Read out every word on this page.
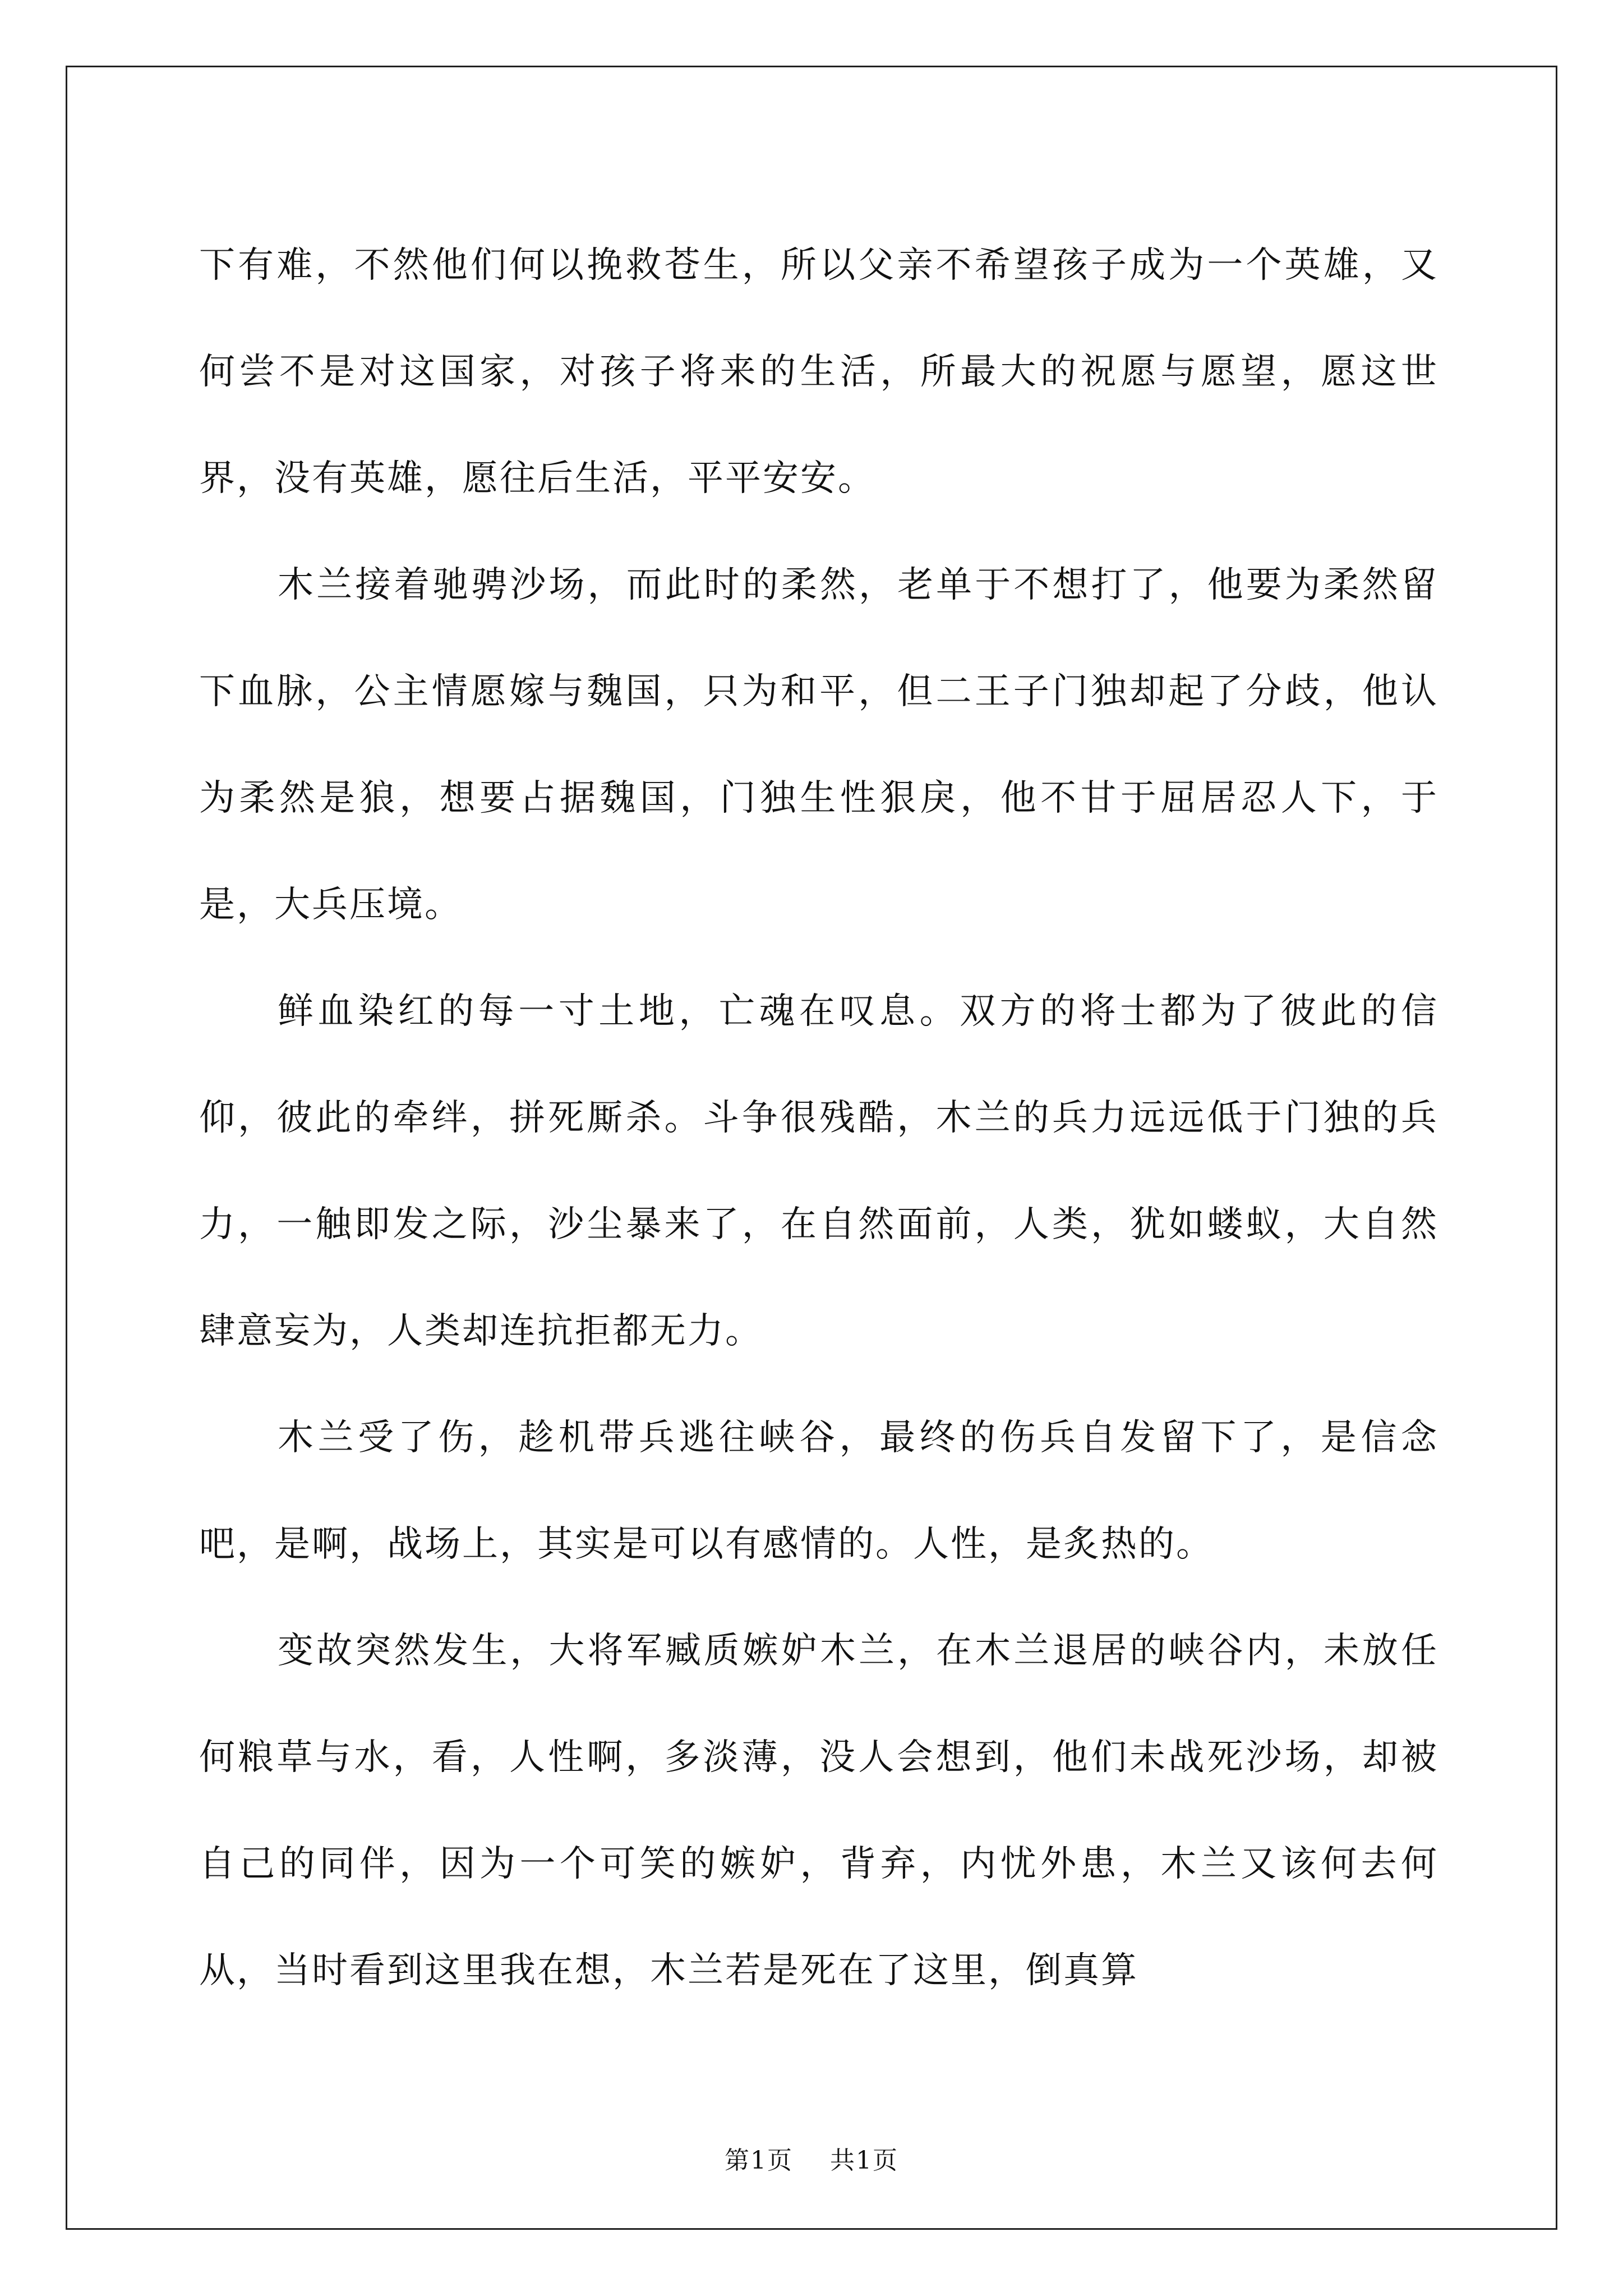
下有难，不然他们何以挽救苍生，所以父亲不希望孩子成为一个英雄，又何尝不是对这国家，对孩子将来的生活，所最大的祝愿与愿望，愿这世界，没有英雄，愿往后生活，平平安安。

木兰接着驰骋沙场，而此时的柔然，老单于不想打了，他要为柔然留下血脉，公主情愿嫁与魏国，只为和平，但二王子门独却起了分歧，他认为柔然是狼，想要占据魏国，门独生性狠戾，他不甘于屈居忍人下，于是，大兵压境。

鲜血染红的每一寸土地，亡魂在叹息。双方的将士都为了彼此的信仰，彼此的牵绊，拼死厮杀。斗争很残酷，木兰的兵力远远低于门独的兵力，一触即发之际，沙尘暴来了，在自然面前，人类，犹如蝼蚁，大自然肆意妄为，人类却连抗拒都无力。

木兰受了伤，趁机带兵逃往峡谷，最终的伤兵自发留下了，是信念吧，是啊，战场上，其实是可以有感情的。人性，是炙热的。

变故突然发生，大将军臧质嫉妒木兰，在木兰退居的峡谷内，未放任何粮草与水，看，人性啊，多淡薄，没人会想到，他们未战死沙场，却被自己的同伴，因为一个可笑的嫉妒，背弃，内忧外患，木兰又该何去何从，当时看到这里我在想，木兰若是死在了这里，倒真算

第1页 共1页
